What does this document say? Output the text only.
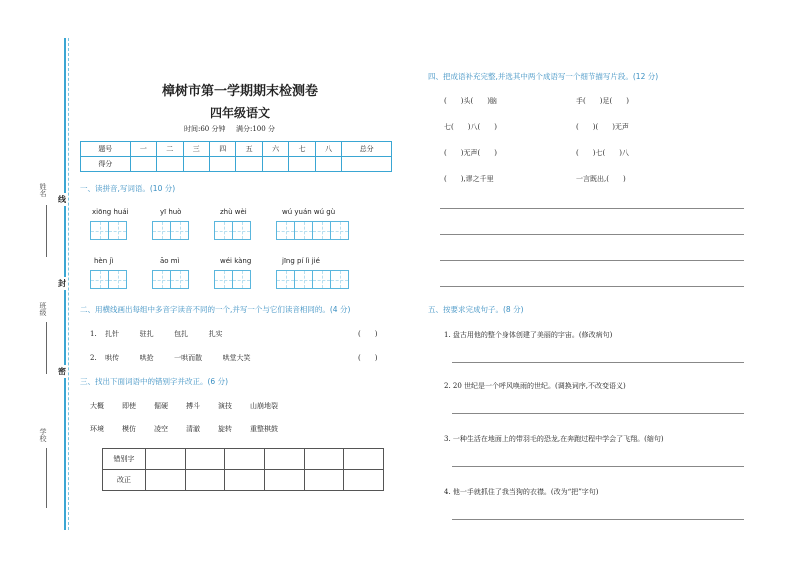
姓名
班级
学校
线
封
密
樟树市第一学期期末检测卷
四年级语文
时间:60 分钟 满分:100 分
题号	一	二	三	四	五	六	七	八	总分
得分									
一、读拼音,写词语。(10 分)
xiōng huái	yī huò	zhù wèi	wú yuán wú gù
hèn jì	āo mì	wéi kàng	jīng pí lì jié
二、用横线画出每组中多音字读音不同的一个,并写一个与它们读音相同的。(4 分)
1. 扎针	驻扎	包扎	扎实	(　　)
2. 哄传	哄抢	一哄而散	哄堂大笑	(　　)
三、找出下面词语中的错别字并改正。(6 分)
大概	即使	倔硬	搏斗	演技	山崩地裂
环境	模仿	凌空	清澈	旋转	重整棋鼓
错别字						
改正						
四、把成语补充完整,并选其中两个成语写一个细节描写片段。(12 分)
(　　)头(　　)脑	手(　　)足(　　)
七(　　)八(　　)	(　　)(　　)无声
(　　)无声(　　)	(　　)七(　　)八
(　　),谬之千里	一言既出,(　　)
五、按要求完成句子。(8 分)
1. 盘古用他的整个身体创建了美丽的宇宙。(修改病句)
2. 20 世纪是一个呼风唤雨的世纪。(调换词序,不改变语义)
3. 一种生活在地面上的带羽毛的恐龙,在奔跑过程中学会了飞翔。(缩句)
4. 他一手就抓住了我当狗的衣襟。(改为“把”字句)
